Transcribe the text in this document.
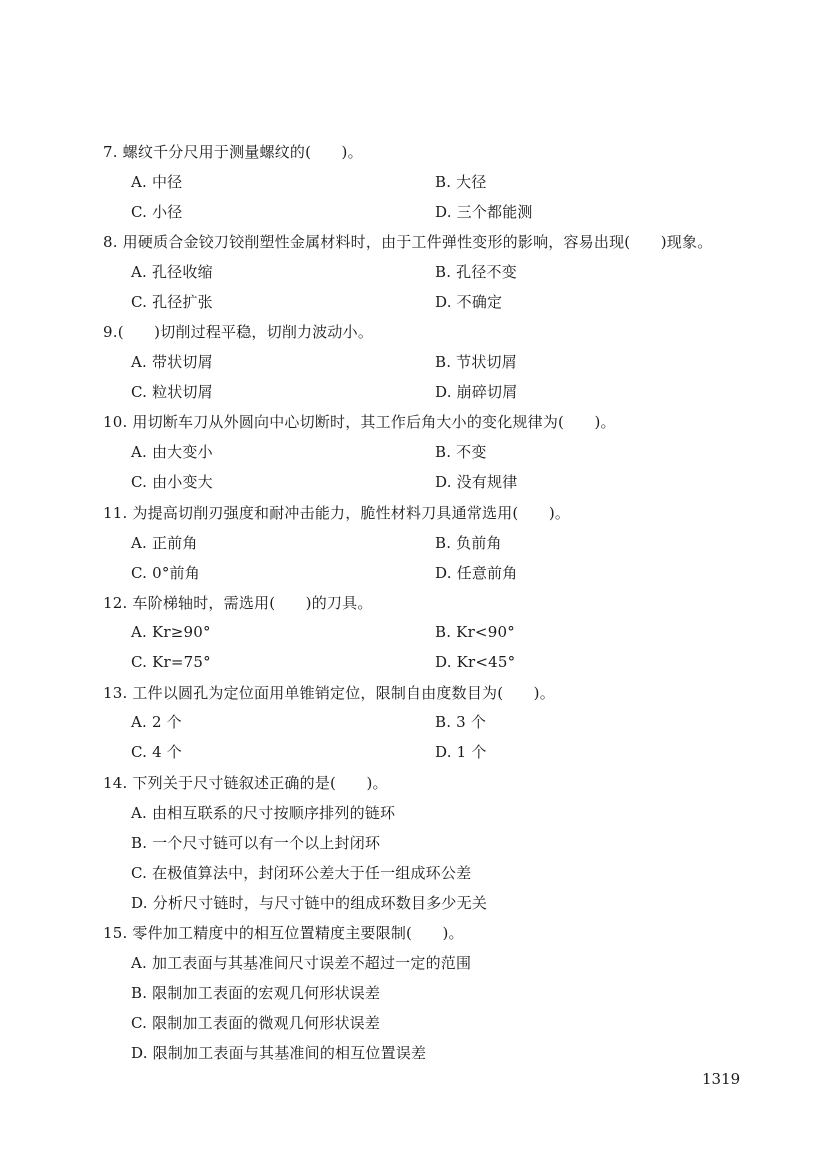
7. 螺纹千分尺用于测量螺纹的(　　)。
A. 中径	B. 大径
C. 小径	D. 三个都能测
8. 用硬质合金铰刀铰削塑性金属材料时，由于工件弹性变形的影响，容易出现(　　)现象。
A. 孔径收缩	B. 孔径不变
C. 孔径扩张	D. 不确定
9.(　　)切削过程平稳，切削力波动小。
A. 带状切屑	B. 节状切屑
C. 粒状切屑	D. 崩碎切屑
10. 用切断车刀从外圆向中心切断时，其工作后角大小的变化规律为(　　)。
A. 由大变小	B. 不变
C. 由小变大	D. 没有规律
11. 为提高切削刃强度和耐冲击能力，脆性材料刀具通常选用(　　)。
A. 正前角	B. 负前角
C. 0°前角	D. 任意前角
12. 车阶梯轴时，需选用(　　)的刀具。
A. Kr≥90°	B. Kr<90°
C. Kr=75°	D. Kr<45°
13. 工件以圆孔为定位面用单锥销定位，限制自由度数目为(　　)。
A. 2 个	B. 3 个
C. 4 个	D. 1 个
14. 下列关于尺寸链叙述正确的是(　　)。
A. 由相互联系的尺寸按顺序排列的链环
B. 一个尺寸链可以有一个以上封闭环
C. 在极值算法中，封闭环公差大于任一组成环公差
D. 分析尺寸链时，与尺寸链中的组成环数目多少无关
15. 零件加工精度中的相互位置精度主要限制(　　)。
A. 加工表面与其基准间尺寸误差不超过一定的范围
B. 限制加工表面的宏观几何形状误差
C. 限制加工表面的微观几何形状误差
D. 限制加工表面与其基准间的相互位置误差
1319
